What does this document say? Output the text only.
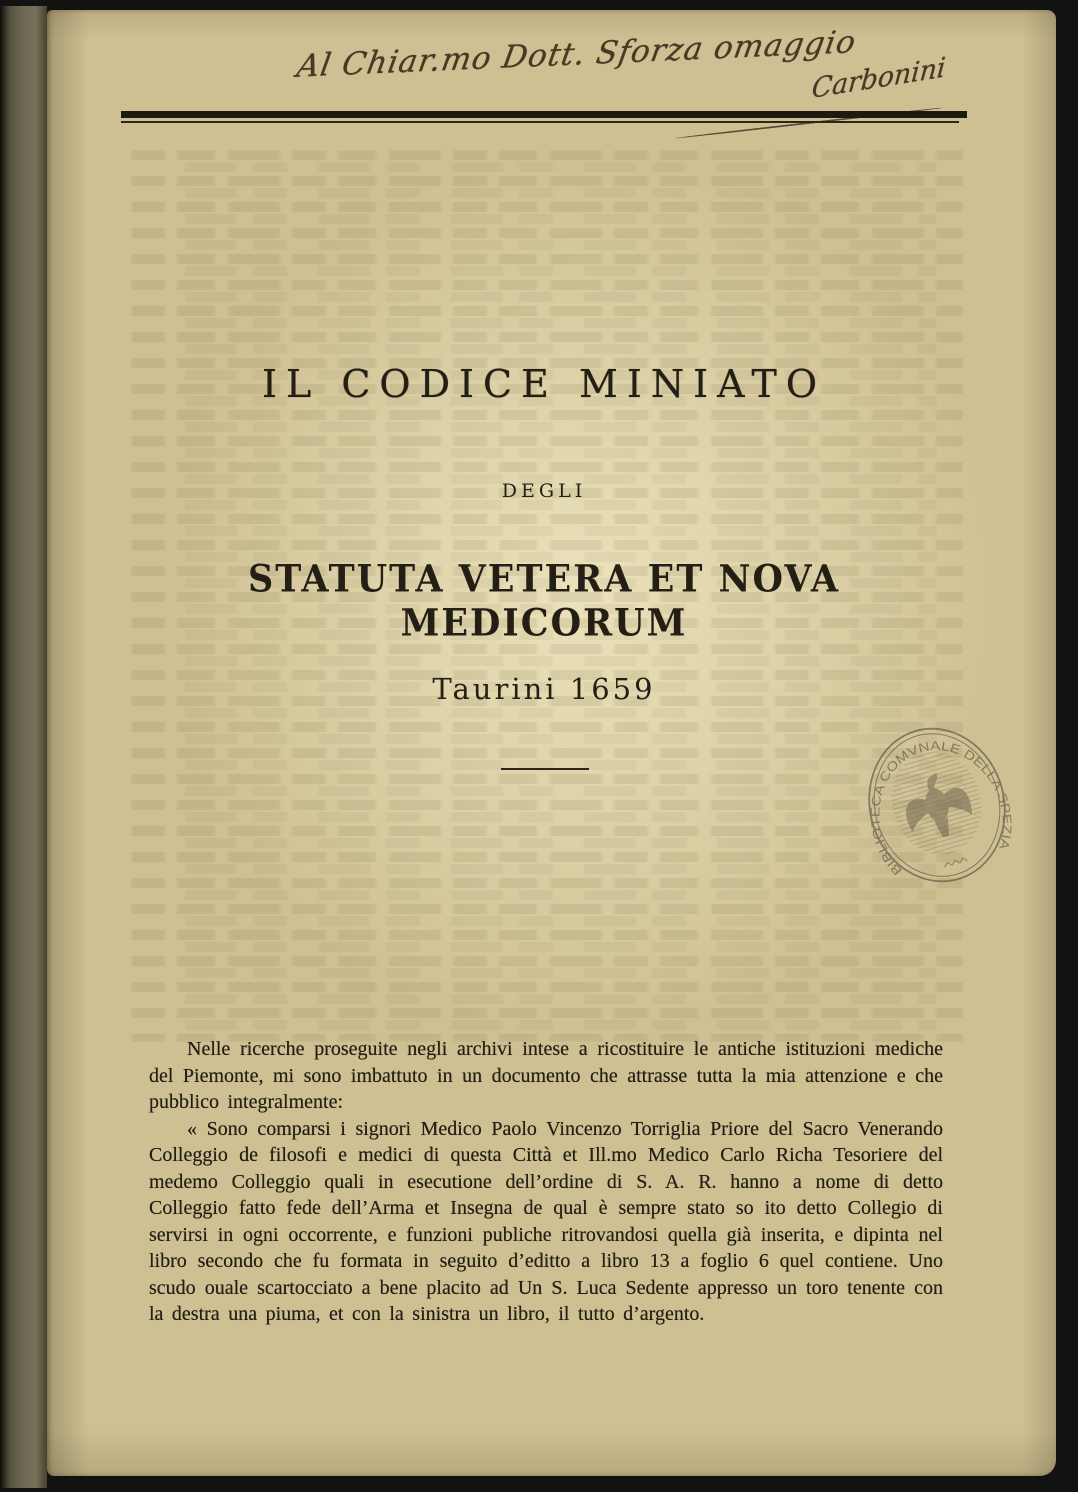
Al Chiar.mo Dott. Sforza omaggio
Carbonini
IL CODICE MINIATO
DEGLI
STATUTA VETERA ET NOVA MEDICORUM
Taurini 1659
BIBLIOTECA COMVNALE DELLA SPEZIA

Nelle ricerche proseguite negli archivi intese a ricostituire le antiche istituzioni mediche del Piemonte, mi sono imbattuto in un documento che attrasse tutta la mia attenzione e che pubblico integralmente:

« Sono comparsi i signori Medico Paolo Vincenzo Torriglia Priore del Sacro Venerando Colleggio de filosofi e medici di questa Città et Ill.mo Medico Carlo Richa Tesoriere del medemo Colleggio quali in esecutione dell’ordine di S. A. R. hanno a nome di detto Colleggio fatto fede dell’Arma et Insegna de qual è sempre stato so ito detto Collegio di servirsi in ogni occorrente, e funzioni publiche ritrovandosi quella già inserita, e dipinta nel libro secondo che fu formata in seguito d’editto a libro 13 a foglio 6 quel contiene. Uno scudo ouale scartocciato a bene placito ad Un S. Luca Sedente appresso un toro tenente con la destra una piuma, et con la sinistra un libro, il tutto d’argento.
